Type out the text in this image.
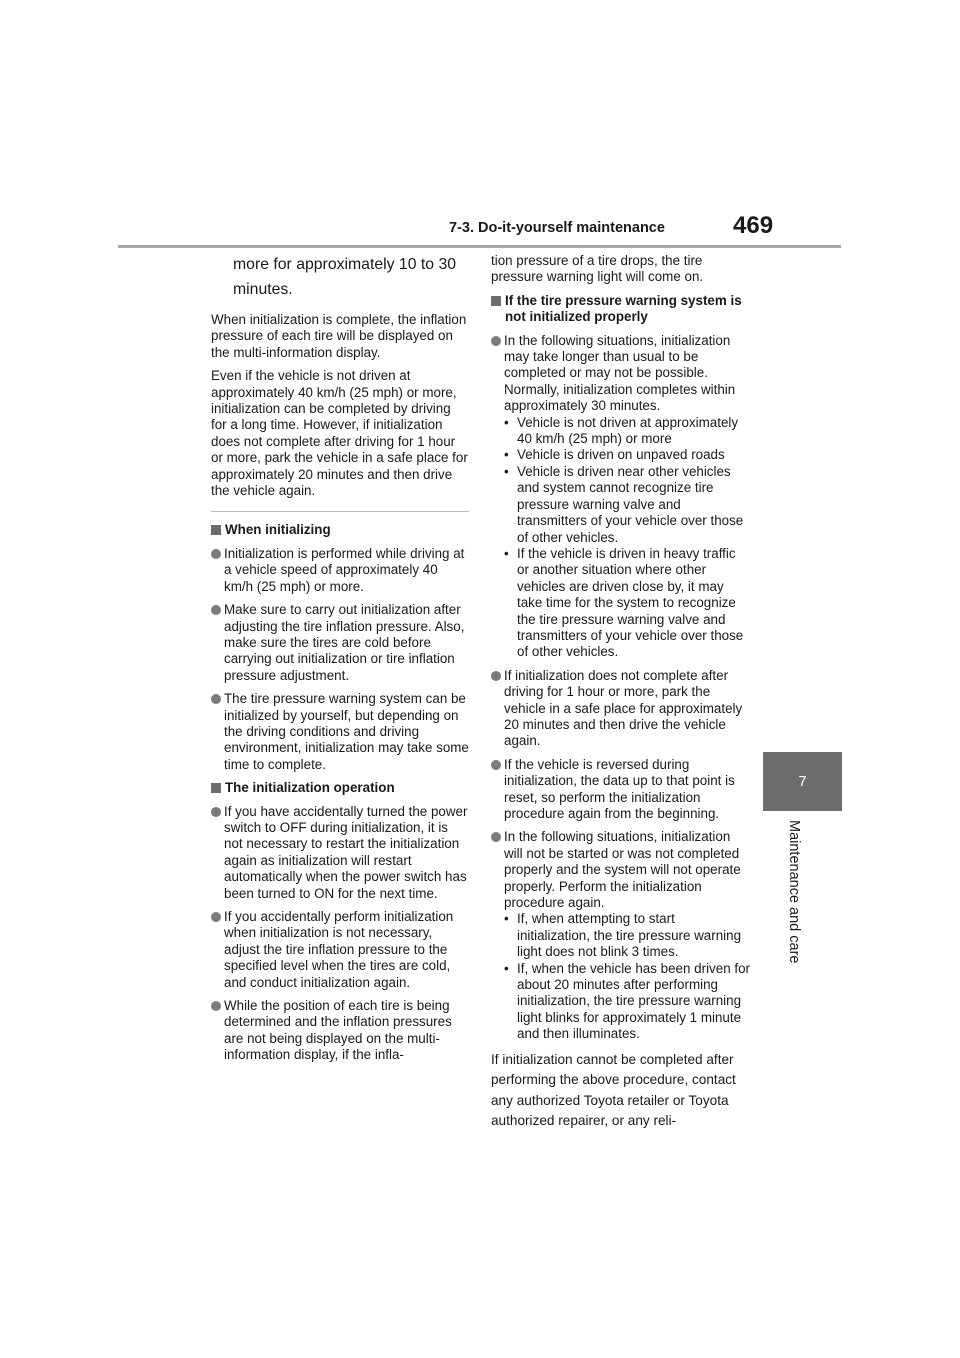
7-3. Do-it-yourself maintenance	469
7
Maintenance and care

more for approximately 10 to 30 minutes.

When initialization is complete, the inflation pressure of each tire will be displayed on the multi-information display.

Even if the vehicle is not driven at approximately 40 km/h (25 mph) or more, initialization can be completed by driving for a long time. However, if initialization does not complete after driving for 1 hour or more, park the vehicle in a safe place for approximately 20 minutes and then drive the vehicle again.

When initializing
Initialization is performed while driving at a vehicle speed of approximately 40 km/h (25 mph) or more.
Make sure to carry out initialization after adjusting the tire inflation pressure. Also, make sure the tires are cold before carrying out initialization or tire inflation pressure adjustment.
The tire pressure warning system can be initialized by yourself, but depending on the driving conditions and driving environment, initialization may take some time to complete.
The initialization operation
If you have accidentally turned the power switch to OFF during initialization, it is not necessary to restart the initialization again as initialization will restart automatically when the power switch has been turned to ON for the next time.
If you accidentally perform initialization when initialization is not necessary, adjust the tire inflation pressure to the specified level when the tires are cold, and conduct initialization again.
While the position of each tire is being determined and the inflation pressures are not being displayed on the multi-information display, if the infla-

tion pressure of a tire drops, the tire pressure warning light will come on.

If the tire pressure warning system is not initialized properly
In the following situations, initialization may take longer than usual to be completed or may not be possible. Normally, initialization completes within approximately 30 minutes.
• Vehicle is not driven at approximately 40 km/h (25 mph) or more
• Vehicle is driven on unpaved roads
• Vehicle is driven near other vehicles and system cannot recognize tire pressure warning valve and transmitters of your vehicle over those of other vehicles.
• If the vehicle is driven in heavy traffic or another situation where other vehicles are driven close by, it may take time for the system to recognize the tire pressure warning valve and transmitters of your vehicle over those of other vehicles.
If initialization does not complete after driving for 1 hour or more, park the vehicle in a safe place for approximately 20 minutes and then drive the vehicle again.
If the vehicle is reversed during initialization, the data up to that point is reset, so perform the initialization procedure again from the beginning.
In the following situations, initialization will not be started or was not completed properly and the system will not operate properly. Perform the initialization procedure again.
• If, when attempting to start initialization, the tire pressure warning light does not blink 3 times.
• If, when the vehicle has been driven for about 20 minutes after performing initialization, the tire pressure warning light blinks for approximately 1 minute and then illuminates.

If initialization cannot be completed after performing the above procedure, contact any authorized Toyota retailer or Toyota authorized repairer, or any reli-
